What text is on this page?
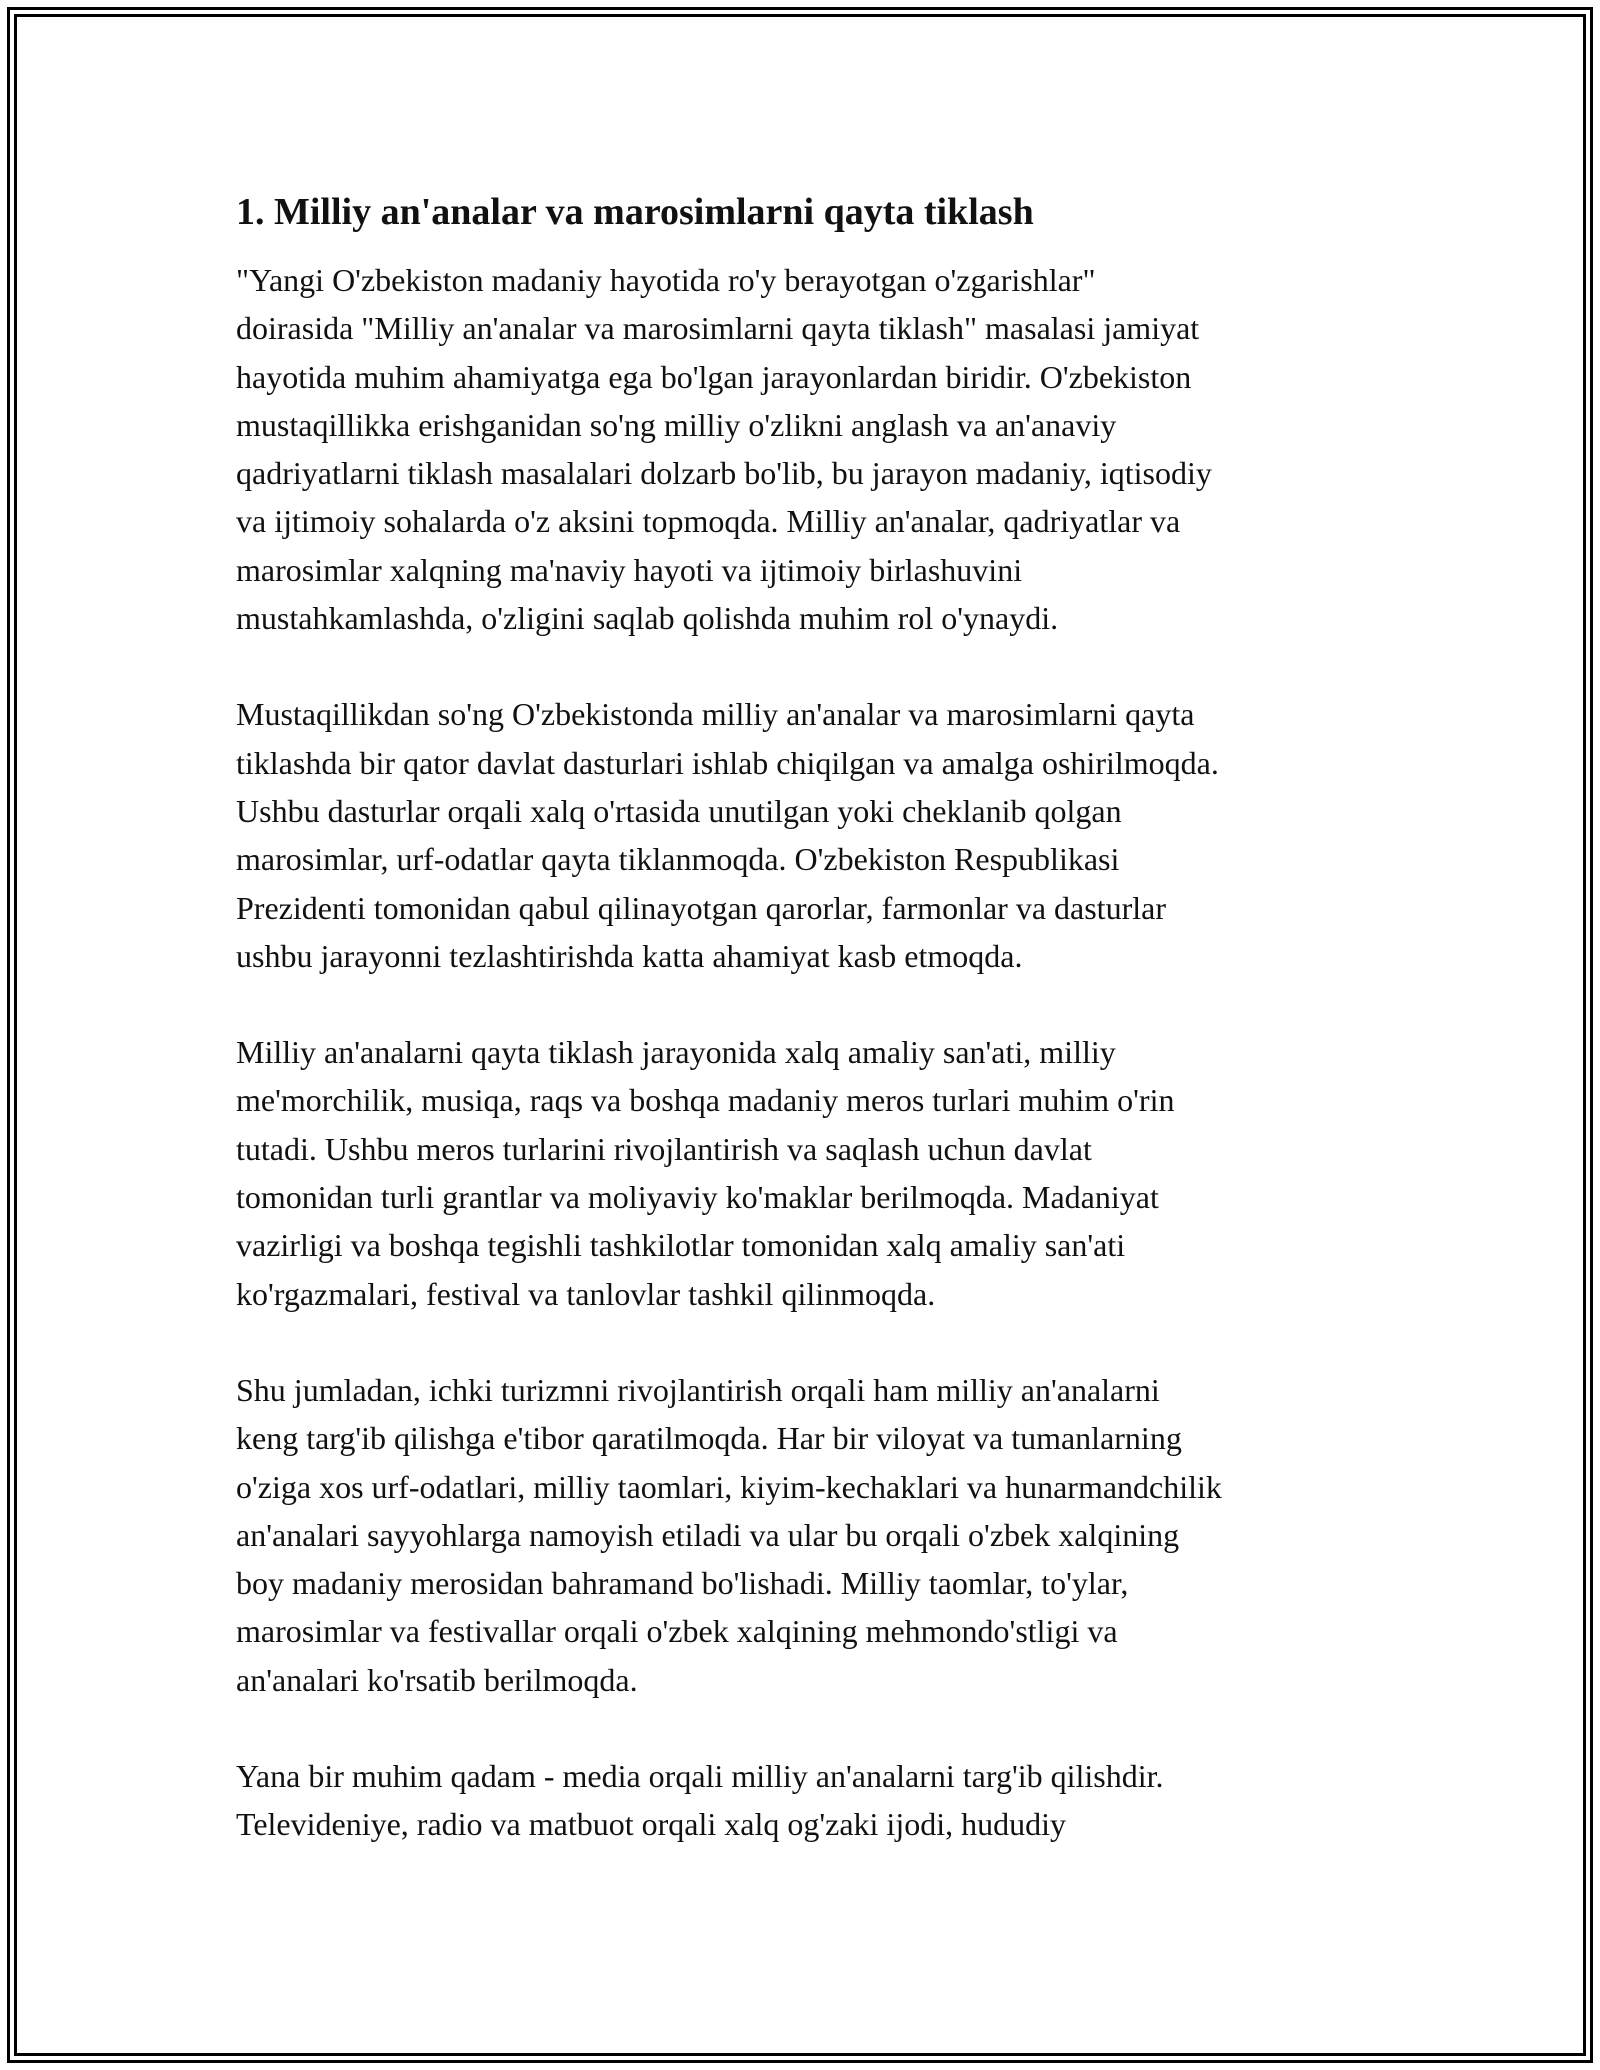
1. Milliy an'analar va marosimlarni qayta tiklash

"Yangi O'zbekiston madaniy hayotida ro'y berayotgan o'zgarishlar"
doirasida "Milliy an'analar va marosimlarni qayta tiklash" masalasi jamiyat
hayotida muhim ahamiyatga ega bo'lgan jarayonlardan biridir. O'zbekiston
mustaqillikka erishganidan so'ng milliy o'zlikni anglash va an'anaviy
qadriyatlarni tiklash masalalari dolzarb bo'lib, bu jarayon madaniy, iqtisodiy
va ijtimoiy sohalarda o'z aksini topmoqda. Milliy an'analar, qadriyatlar va
marosimlar xalqning ma'naviy hayoti va ijtimoiy birlashuvini
mustahkamlashda, o'zligini saqlab qolishda muhim rol o'ynaydi.

Mustaqillikdan so'ng O'zbekistonda milliy an'analar va marosimlarni qayta
tiklashda bir qator davlat dasturlari ishlab chiqilgan va amalga oshirilmoqda.
Ushbu dasturlar orqali xalq o'rtasida unutilgan yoki cheklanib qolgan
marosimlar, urf-odatlar qayta tiklanmoqda. O'zbekiston Respublikasi
Prezidenti tomonidan qabul qilinayotgan qarorlar, farmonlar va dasturlar
ushbu jarayonni tezlashtirishda katta ahamiyat kasb etmoqda.

Milliy an'analarni qayta tiklash jarayonida xalq amaliy san'ati, milliy
me'morchilik, musiqa, raqs va boshqa madaniy meros turlari muhim o'rin
tutadi. Ushbu meros turlarini rivojlantirish va saqlash uchun davlat
tomonidan turli grantlar va moliyaviy ko'maklar berilmoqda. Madaniyat
vazirligi va boshqa tegishli tashkilotlar tomonidan xalq amaliy san'ati
ko'rgazmalari, festival va tanlovlar tashkil qilinmoqda.

Shu jumladan, ichki turizmni rivojlantirish orqali ham milliy an'analarni
keng targ'ib qilishga e'tibor qaratilmoqda. Har bir viloyat va tumanlarning
o'ziga xos urf-odatlari, milliy taomlari, kiyim-kechaklari va hunarmandchilik
an'analari sayyohlarga namoyish etiladi va ular bu orqali o'zbek xalqining
boy madaniy merosidan bahramand bo'lishadi. Milliy taomlar, to'ylar,
marosimlar va festivallar orqali o'zbek xalqining mehmondo'stligi va
an'analari ko'rsatib berilmoqda.

Yana bir muhim qadam - media orqali milliy an'analarni targ'ib qilishdir.
Televideniye, radio va matbuot orqali xalq og'zaki ijodi, hududiy
